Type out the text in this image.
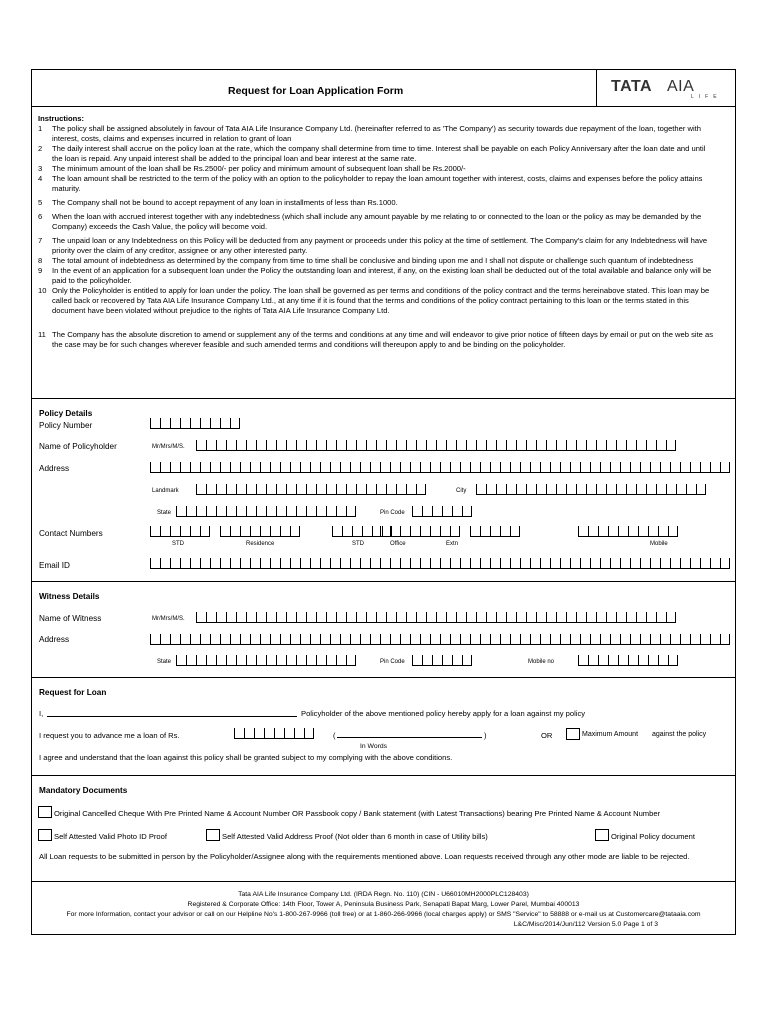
Request for Loan Application Form	TATA AIA
LIFE
Instructions:
1 The policy shall be assigned absolutely in favour of Tata AIA Life Insurance Company Ltd. (hereinafter referred to as 'The Company') as security towards due repayment of the loan, together with interest, costs, claims and expenses incurred in relation to grant of loan
2 The daily interest shall accrue on the policy loan at the rate, which the company shall determine from time to time. Interest shall be payable on each Policy Anniversary after the loan date and until the loan is repaid. Any unpaid interest shall be added to the principal loan and bear interest at the same rate.
3 The minimum amount of the loan shall be Rs.2500/- per policy and minimum amount of subsequent loan shall be Rs.2000/-
4 The loan amount shall be restricted to the term of the policy with an option to the policyholder to repay the loan amount together with interest, costs, claims and expenses before the policy attains maturity.
5 The Company shall not be bound to accept repayment of any loan in installments of less than Rs.1000.
6 When the loan with accrued interest together with any indebtedness (which shall include any amount payable by me relating to or connected to the loan or the policy as may be demanded by the Company) exceeds the Cash Value, the policy will become void.
7 The unpaid loan or any Indebtedness on this Policy will be deducted from any payment or proceeds under this policy at the time of settlement. The Company's claim for any Indebtedness will have priority over the claim of any creditor, assignee or any other interested party.
8 The total amount of indebtedness as determined by the company from time to time shall be conclusive and binding upon me and I shall not dispute or challenge such quantum of indebtedness
9 In the event of an application for a subsequent loan under the Policy the outstanding loan and interest, if any, on the existing loan shall be deducted out of the total available and balance only will be paid to the policyholder.
10 Only the Policyholder is entitled to apply for loan under the policy. The loan shall be governed as per terms and conditions of the policy contract and the terms hereinabove stated. This loan may be called back or recovered by Tata AIA Life Insurance Company Ltd., at any time if it is found that the terms and conditions of the policy contract pertaining to this loan or the terms stated in this document have been violated without prejudice to the rights of Tata AIA Life Insurance Company Ltd.
11 The Company has the absolute discretion to amend or supplement any of the terms and conditions at any time and will endeavor to give prior notice of fifteen days by email or put on the web site as the case may be for such changes wherever feasible and such amended terms and conditions will thereupon apply to and be binding on the policyholder.
Policy Details
Policy Number
Name of Policyholder	Mr/Mrs/M/S.
Address
Landmark	City
State	Pin Code
Contact Numbers
STD	Residence	STD	Office	Extn	Mobile
Email ID
Witness Details
Name of Witness	Mr/Mrs/M/S.
Address
State	Pin Code	Mobile no
Request for Loan
I,	Policyholder of the above mentioned policy hereby apply for a loan against my policy
I request you to advance me a loan of Rs.	(	)
In Words
OR	Maximum Amount against the policy
I agree and understand that the loan against this policy shall be granted subject to my complying with the above conditions.
Mandatory Documents
Original Cancelled Cheque With Pre Printed Name & Account Number OR Passbook copy / Bank statement (with Latest Transactions) bearing Pre Printed Name & Account Number
Self Attested Valid Photo ID Proof	Self Attested Valid Address Proof (Not older than 6 month in case of Utility bills)	Original Policy document
All Loan requests to be submitted in person by the Policyholder/Assignee along with the requirements mentioned above. Loan requests received through any other mode are liable to be rejected.
Tata AIA Life Insurance Company Ltd. (IRDA Regn. No. 110) (CIN - U66010MH2000PLC128403)
Registered & Corporate Office: 14th Floor, Tower A, Peninsula Business Park, Senapati Bapat Marg, Lower Parel, Mumbai 400013
For more Information, contact your advisor or call on our Helpline No's 1-800-267-9966 (toll free) or at 1-860-266-9966 (local charges apply) or SMS "Service" to 58888 or e-mail us at Customercare@tataaia.com
L&C/Misc/2014/Jun/112 Version 5.0 Page 1 of 3
